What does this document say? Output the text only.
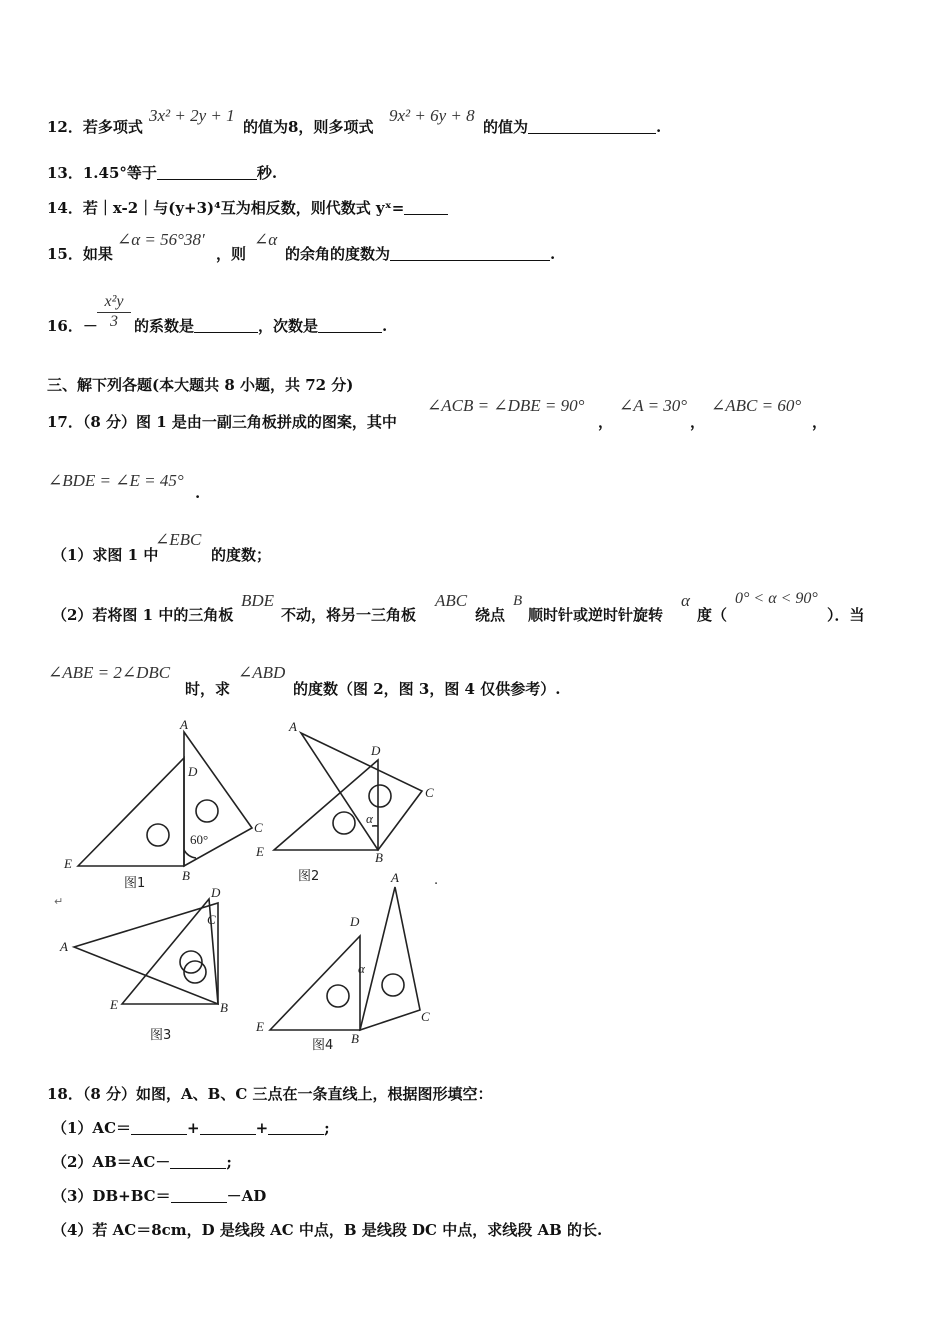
12．若多项式
3x² + 2y + 1
的值为8，则多项式
9x² + 6y + 8
的值为	.
13．1.45°等于	秒.
14．若｜x-2｜与(y+3)⁴互为相反数，则代数式 yˣ=
15．如果
∠α = 56°38′
，则
∠α
的余角的度数为	.
16．－ $\frac{\text{x²y}}{3}$ 的系数是	，次数是	.
三、解下列各题(本大题共 8 小题，共 72 分)
17．（8 分）图 1 是由一副三角板拼成的图案，其中
∠ACB = ∠DBE = 90°
，
∠A = 30°
，
∠ABC = 60°
，
∠BDE = ∠E = 45°
.
（1）求图 1 中
∠EBC
的度数；
（2）若将图 1 中的三角板
BDE
不动，将另一三角板
ABC
绕点
B
顺时针或逆时针旋转
α
度（
0° < α < 90°
）．当
∠ABE = 2∠DBC
时，求
∠ABD
的度数（图 2，图 3，图 4 仅供参考）.
A
D
C
E
B
60°
图1
A
D
C
E	B
α
图2
A
D
C
E	B
图3
A
D
C
E
B
α
图4
↵
.
18．（8 分）如图，A、B、C 三点在一条直线上，根据图形填空：
（1）AC＝	+	+	;
（2）AB＝AC－	;
（3）DB+BC＝	－AD
（4）若 AC＝8cm，D 是线段 AC 中点，B 是线段 DC 中点，求线段 AB 的长.
